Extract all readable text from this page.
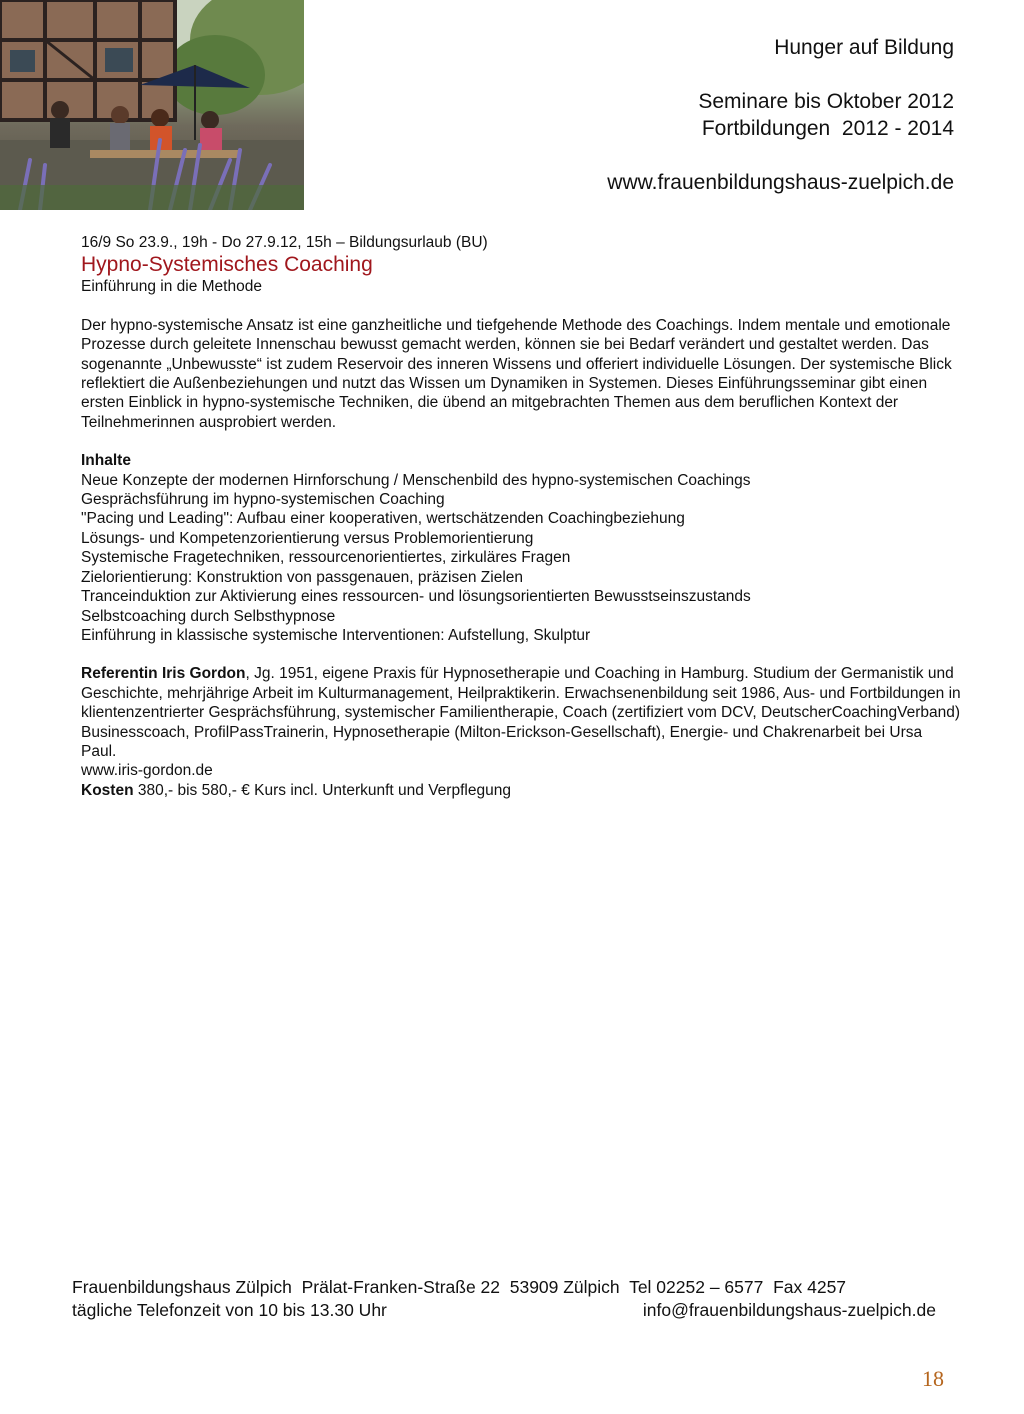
Hunger auf Bildung
Seminare bis Oktober 2012
Fortbildungen  2012 - 2014
www.frauenbildungshaus-zuelpich.de

16/9 So 23.9., 19h - Do 27.9.12, 15h – Bildungsurlaub (BU)

Hypno-Systemisches Coaching

Einführung in die Methode

Der hypno-systemische Ansatz ist eine ganzheitliche und tiefgehende Methode des Coachings. Indem mentale und emotionale Prozesse durch geleitete Innenschau bewusst gemacht werden, können sie bei Bedarf verändert und gestaltet werden. Das sogenannte „Unbewusste“ ist zudem Reservoir des inneren Wissens und offeriert individuelle Lösungen. Der systemische Blick reflektiert die Außenbeziehungen und nutzt das Wissen um Dynamiken in Systemen. Dieses Einführungsseminar gibt einen ersten Einblick in hypno-systemische Techniken, die übend an mitgebrachten Themen aus dem beruflichen Kontext der Teilnehmerinnen ausprobiert werden.

Inhalte

Neue Konzepte der modernen Hirnforschung / Menschenbild des hypno-systemischen Coachings

Gesprächsführung im hypno-systemischen Coaching

"Pacing und Leading": Aufbau einer kooperativen, wertschätzenden Coachingbeziehung

Lösungs- und Kompetenzorientierung versus Problemorientierung

Systemische Fragetechniken, ressourcenorientiertes, zirkuläres Fragen

Zielorientierung: Konstruktion von passgenauen, präzisen Zielen

Tranceinduktion zur Aktivierung eines ressourcen- und lösungsorientierten Bewusstseinszustands

Selbstcoaching durch Selbsthypnose

Einführung in klassische systemische Interventionen: Aufstellung, Skulptur

Referentin Iris Gordon, Jg. 1951, eigene Praxis für Hypnosetherapie und Coaching in Hamburg. Studium der Germanistik und Geschichte, mehrjährige Arbeit im Kulturmanagement, Heilpraktikerin. Erwachsenenbildung seit 1986, Aus- und Fortbildungen in klientenzentrierter Gesprächsführung, systemischer Familientherapie, Coach (zertifiziert vom DCV, DeutscherCoachingVerband) Businesscoach, ProfilPassTrainerin, Hypnosetherapie (Milton-Erickson-Gesellschaft), Energie- und Chakrenarbeit bei Ursa Paul.

www.iris-gordon.de

Kosten 380,- bis 580,- € Kurs incl. Unterkunft und Verpflegung

Frauenbildungshaus Zülpich  Prälat-Franken-Straße 22  53909 Zülpich  Tel 02252 – 6577  Fax 4257
tägliche Telefonzeit von 10 bis 13.30 Uhr	info@frauenbildungshaus-zuelpich.de
18
